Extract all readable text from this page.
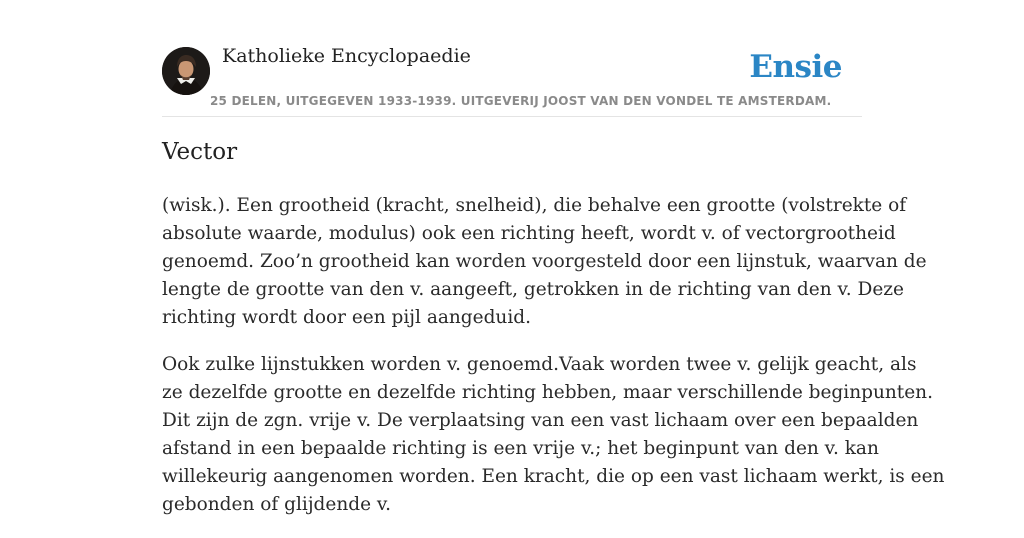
Katholieke Encyclopaedie	Ensie
25 DELEN, UITGEGEVEN 1933-1939. UITGEVERIJ JOOST VAN DEN VONDEL TE AMSTERDAM.
Vector

(wisk.). Een grootheid (kracht, snelheid), die behalve een grootte (volstrekte of
absolute waarde, modulus) ook een richting heeft, wordt v. of vectorgrootheid
genoemd. Zoo’n grootheid kan worden voorgesteld door een lijnstuk, waarvan de
lengte de grootte van den v. aangeeft, getrokken in de richting van den v. Deze
richting wordt door een pijl aangeduid.

Ook zulke lijnstukken worden v. genoemd.Vaak worden twee v. gelijk geacht, als
ze dezelfde grootte en dezelfde richting hebben, maar verschillende beginpunten.
Dit zijn de zgn. vrije v. De verplaatsing van een vast lichaam over een bepaalden
afstand in een bepaalde richting is een vrije v.; het beginpunt van den v. kan
willekeurig aangenomen worden. Een kracht, die op een vast lichaam werkt, is een
gebonden of glijdende v.
